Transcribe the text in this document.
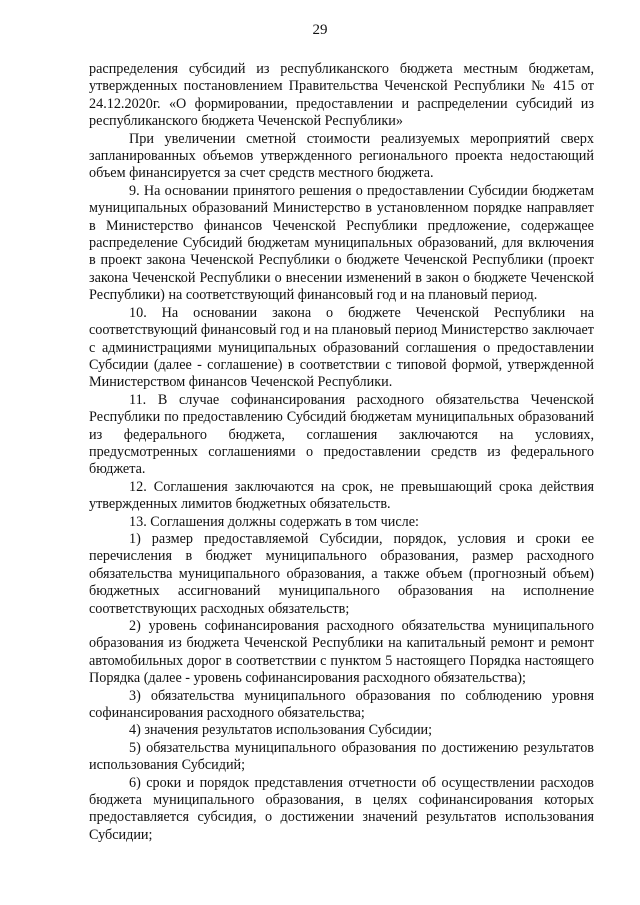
29

распределения субсидий из республиканского бюджета местным бюджетам, утвержденных постановлением Правительства Чеченской Республики № 415 от 24.12.2020г. «О формировании, предоставлении и распределении субсидий из республиканского бюджета Чеченской Республики»

При увеличении сметной стоимости реализуемых мероприятий сверх запланированных объемов утвержденного регионального проекта недостающий объем финансируется за счет средств местного бюджета.

9. На основании принятого решения о предоставлении Субсидии бюджетам муниципальных образований Министерство в установленном порядке направляет в Министерство финансов Чеченской Республики предложение, содержащее распределение Субсидий бюджетам муниципальных образований, для включения в проект закона Чеченской Республики о бюджете Чеченской Республики (проект закона Чеченской Республики о внесении изменений в закон о бюджете Чеченской Республики) на соответствующий финансовый год и на плановый период.

10. На основании закона о бюджете Чеченской Республики на соответствующий финансовый год и на плановый период Министерство заключает с администрациями муниципальных образований соглашения о предоставлении Субсидии (далее - соглашение) в соответствии с типовой формой, утвержденной Министерством финансов Чеченской Республики.

11. В случае софинансирования расходного обязательства Чеченской Республики по предоставлению Субсидий бюджетам муниципальных образований из федерального бюджета, соглашения заключаются на условиях, предусмотренных соглашениями о предоставлении средств из федерального бюджета.

12. Соглашения заключаются на срок, не превышающий срока действия утвержденных лимитов бюджетных обязательств.

13. Соглашения должны содержать в том числе:

1) размер предоставляемой Субсидии, порядок, условия и сроки ее перечисления в бюджет муниципального образования, размер расходного обязательства муниципального образования, а также объем (прогнозный объем) бюджетных ассигнований муниципального образования на исполнение соответствующих расходных обязательств;

2) уровень софинансирования расходного обязательства муниципального образования из бюджета Чеченской Республики на капитальный ремонт и ремонт автомобильных дорог в соответствии с пунктом 5 настоящего Порядка настоящего Порядка (далее - уровень софинансирования расходного обязательства);

3) обязательства муниципального образования по соблюдению уровня софинансирования расходного обязательства;

4) значения результатов использования Субсидии;

5) обязательства муниципального образования по достижению результатов использования Субсидий;

6) сроки и порядок представления отчетности об осуществлении расходов бюджета муниципального образования, в целях софинансирования которых предоставляется субсидия, о достижении значений результатов использования Субсидии;
